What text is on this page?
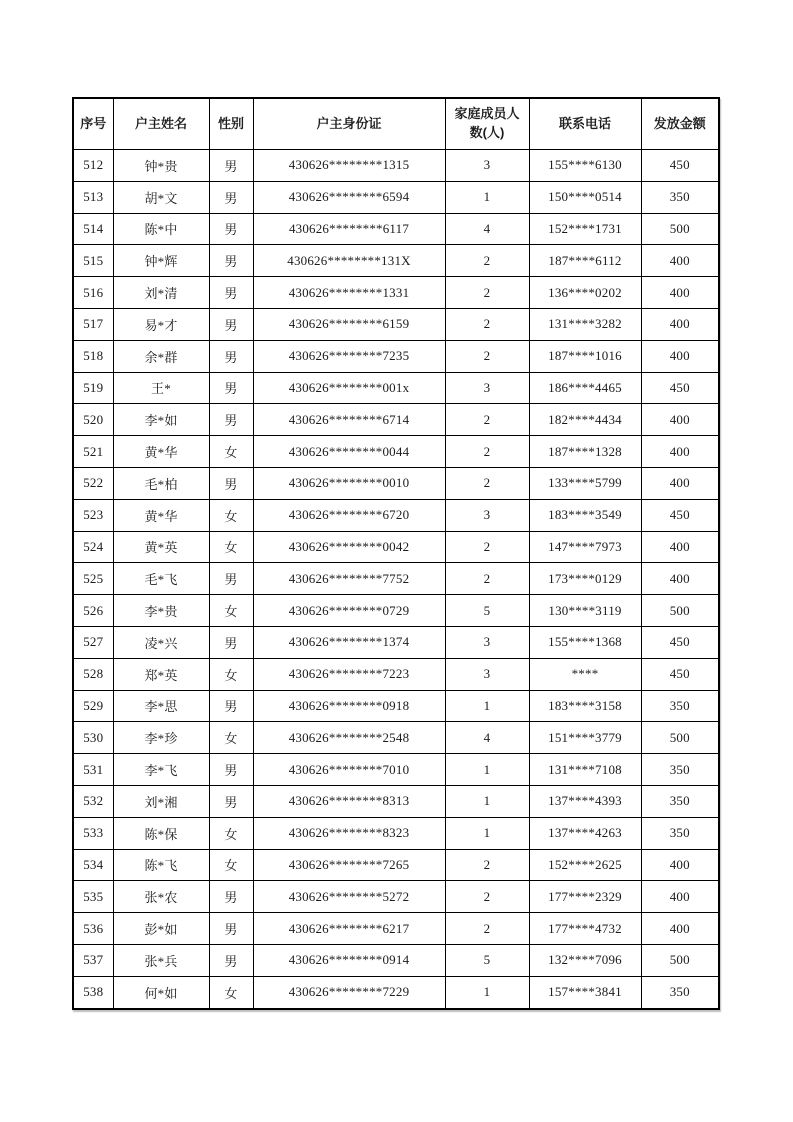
序号	户主姓名	性别	户主身份证	家庭成员人数(人)	联系电话	发放金额
512	钟*贵	男	430626********1315	3	155****6130	450
513	胡*文	男	430626********6594	1	150****0514	350
514	陈*中	男	430626********6117	4	152****1731	500
515	钟*辉	男	430626********131X	2	187****6112	400
516	刘*清	男	430626********1331	2	136****0202	400
517	易*才	男	430626********6159	2	131****3282	400
518	余*群	男	430626********7235	2	187****1016	400
519	王*	男	430626********001x	3	186****4465	450
520	李*如	男	430626********6714	2	182****4434	400
521	黄*华	女	430626********0044	2	187****1328	400
522	毛*柏	男	430626********0010	2	133****5799	400
523	黄*华	女	430626********6720	3	183****3549	450
524	黄*英	女	430626********0042	2	147****7973	400
525	毛*飞	男	430626********7752	2	173****0129	400
526	李*贵	女	430626********0729	5	130****3119	500
527	凌*兴	男	430626********1374	3	155****1368	450
528	郑*英	女	430626********7223	3	****	450
529	李*思	男	430626********0918	1	183****3158	350
530	李*珍	女	430626********2548	4	151****3779	500
531	李*飞	男	430626********7010	1	131****7108	350
532	刘*湘	男	430626********8313	1	137****4393	350
533	陈*保	女	430626********8323	1	137****4263	350
534	陈*飞	女	430626********7265	2	152****2625	400
535	张*农	男	430626********5272	2	177****2329	400
536	彭*如	男	430626********6217	2	177****4732	400
537	张*兵	男	430626********0914	5	132****7096	500
538	何*如	女	430626********7229	1	157****3841	350
